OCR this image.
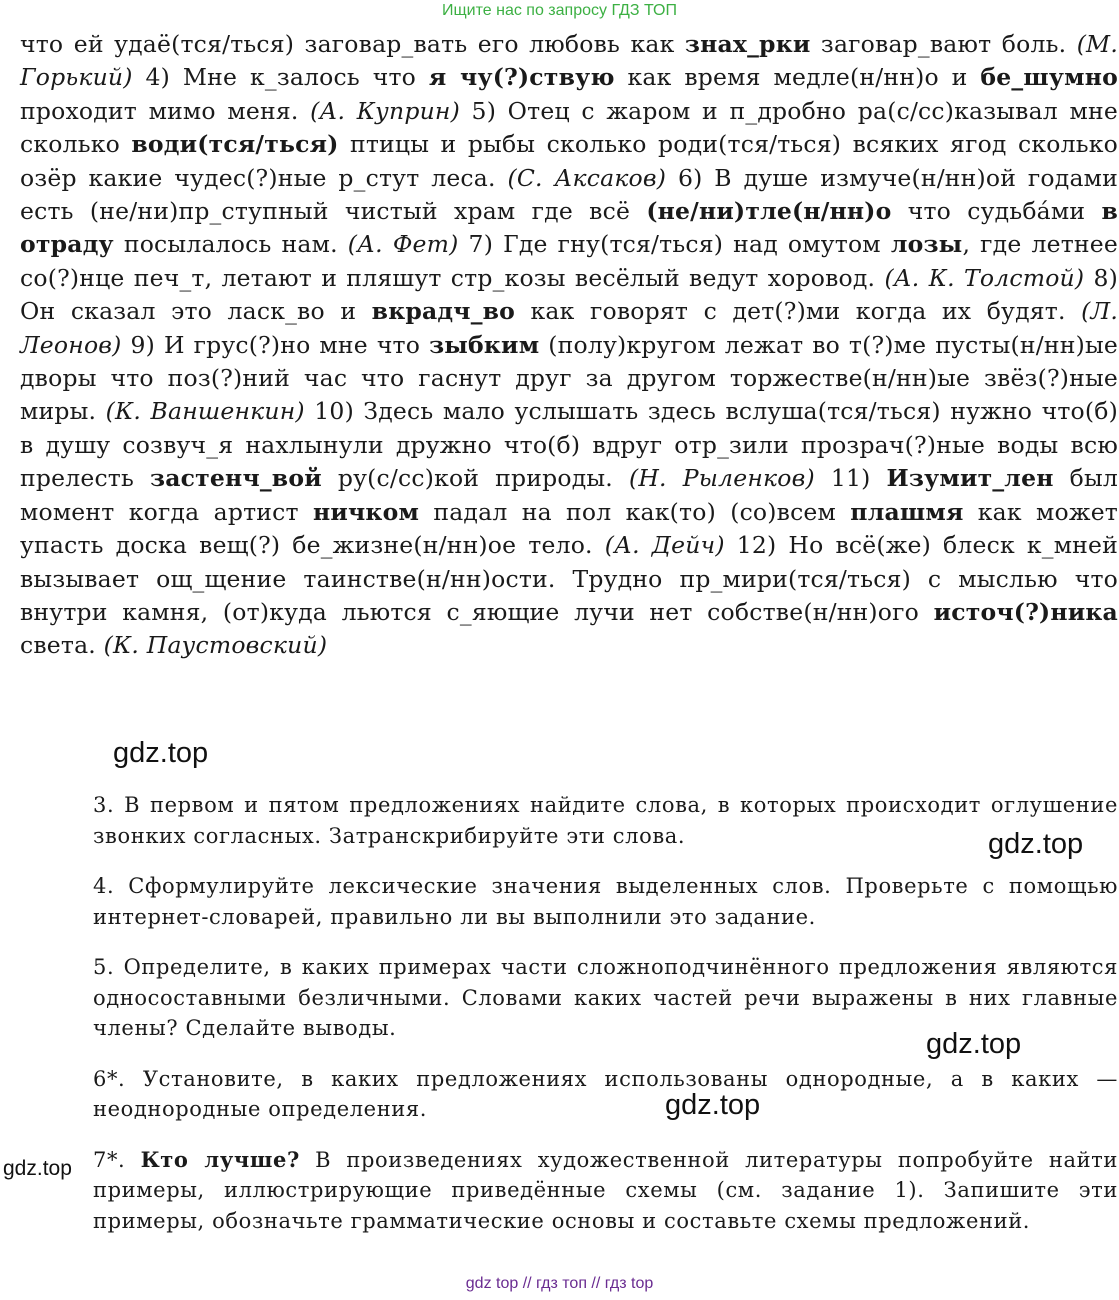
Ищите нас по запросу ГДЗ ТОП

что ей удаё(тся/ться) заговар_вать его любовь как знах_рки заговар_вают боль. (М. Горький) 4) Мне к_залось что я чу(?)ствую как время медле(н/нн)о и бе_шумно проходит мимо меня. (А. Куприн) 5) Отец с жаром и п_дробно ра(с/сс)казывал мне сколько води(тся/ться) птицы и рыбы сколько роди(тся/ться) всяких ягод сколько озёр какие чудес(?)ные р_стут леса. (С. Аксаков) 6) В душе измуче(н/нн)ой годами есть (не/ни)пр_ступный чистый храм где всё (не/ни)тле(н/нн)о что судьба́ми в отраду посылалось нам. (А. Фет) 7) Где гну(тся/ться) над омутом лозы, где летнее со(?)нце печ_т, летают и пляшут стр_козы весёлый ведут хоровод. (А. К. Толстой) 8) Он сказал это ласк_во и вкрадч_во как говорят с дет(?)ми когда их будят. (Л. Леонов) 9) И грус(?)но мне что зыбким (полу)кругом лежат во т(?)ме пусты(н/нн)ые дворы что поз(?)ний час что гаснут друг за другом торжестве(н/нн)ые звёз(?)ные миры. (К. Ваншенкин) 10) Здесь мало услышать здесь вслуша(тся/ться) нужно что(б) в душу созвуч_я нахлынули дружно что(б) вдруг отр_зили прозрач(?)ные воды всю прелесть застенч_вой ру(с/сс)кой природы. (Н. Рыленков) 11) Изумит_лен был момент когда артист ничком падал на пол как(то) (со)всем плашмя как может упасть доска вещ(?) бе_жизне(н/нн)ое тело. (А. Дейч) 12) Но всё(же) блеск к_мней вызывает ощ_щение таинстве(н/нн)ости. Трудно пр_мири(тся/ться) с мыслью что внутри камня, (от)куда льются с_яющие лучи нет собстве(н/нн)ого источ(?)ника света. (К. Паустовский)

3. В первом и пятом предложениях найдите слова, в которых происходит оглушение звонких согласных. Затранскрибируйте эти слова.

4. Сформулируйте лексические значения выделенных слов. Проверьте с помощью интернет-словарей, правильно ли вы выполнили это задание.

5. Определите, в каких примерах части сложноподчинённого предложения являются односоставными безличными. Словами каких частей речи выражены в них главные члены? Сделайте выводы.

6*. Установите, в каких предложениях использованы однородные, а в каких — неоднородные определения.

7*. Кто лучше? В произведениях художественной литературы попробуйте найти примеры, иллюстрирующие приведённые схемы (см. задание 1). Запишите эти примеры, обозначьте грамматические основы и составьте схемы предложений.

gdz.top
gdz.top
gdz.top
gdz.top
gdz.top
gdz top // гдз топ // гдз top
